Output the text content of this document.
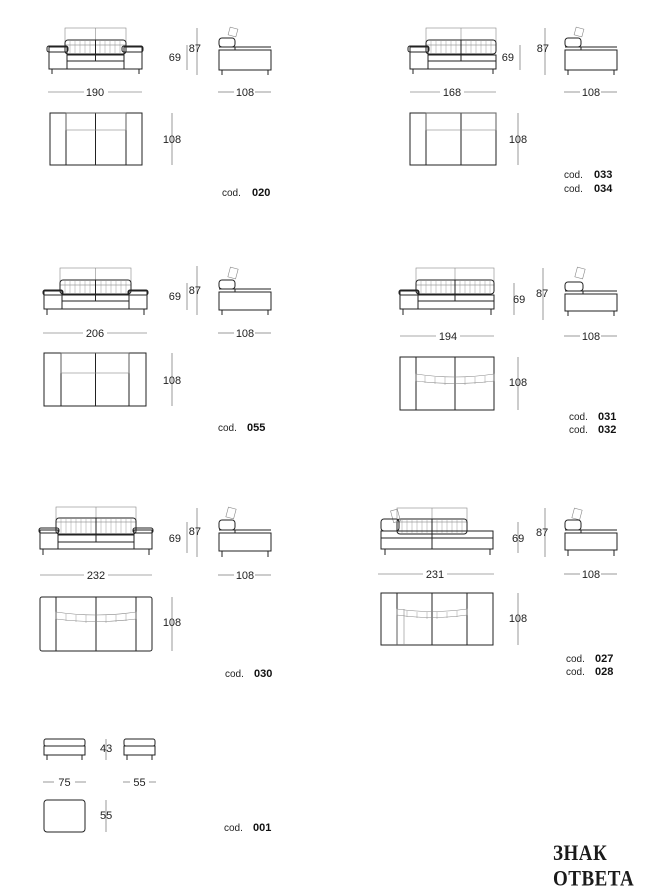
69
87
190	108
108
cod. 020
69
87
168	108
108
cod. 033
cod. 034
69 87
206	108
108
cod. 055
69 87
194	108
108
cod. 031
cod. 032
69
87
232	108
108
cod. 030
69 87
231	108
108
cod. 027
cod. 028
43
75	55
55
cod. 001
ЗНАК ОТВЕТА
